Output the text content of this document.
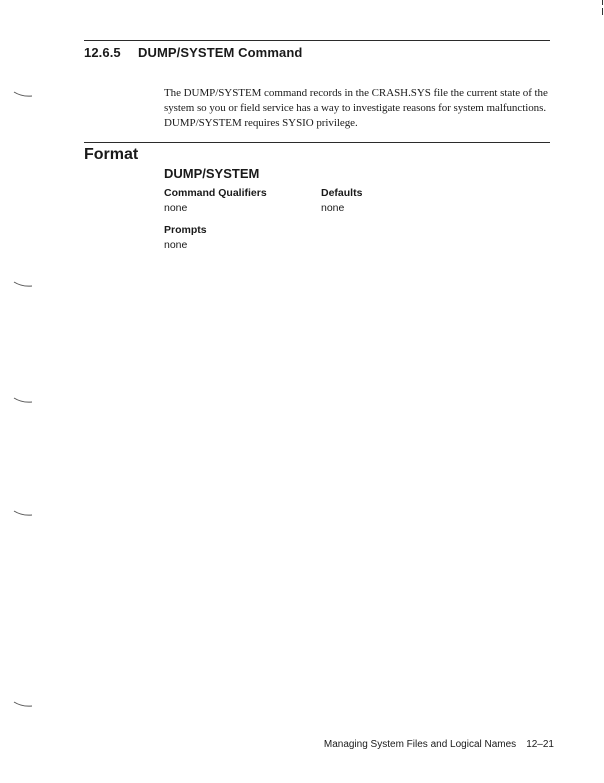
12.6.5 DUMP/SYSTEM Command
The DUMP/SYSTEM command records in the CRASH.SYS file the current state of the system so you or field service has a way to investigate reasons for system malfunctions. DUMP/SYSTEM requires SYSIO privilege.
Format
DUMP/SYSTEM
Command Qualifiers	Defaults
none	none
Prompts
none
Managing System Files and Logical Names 12–21
